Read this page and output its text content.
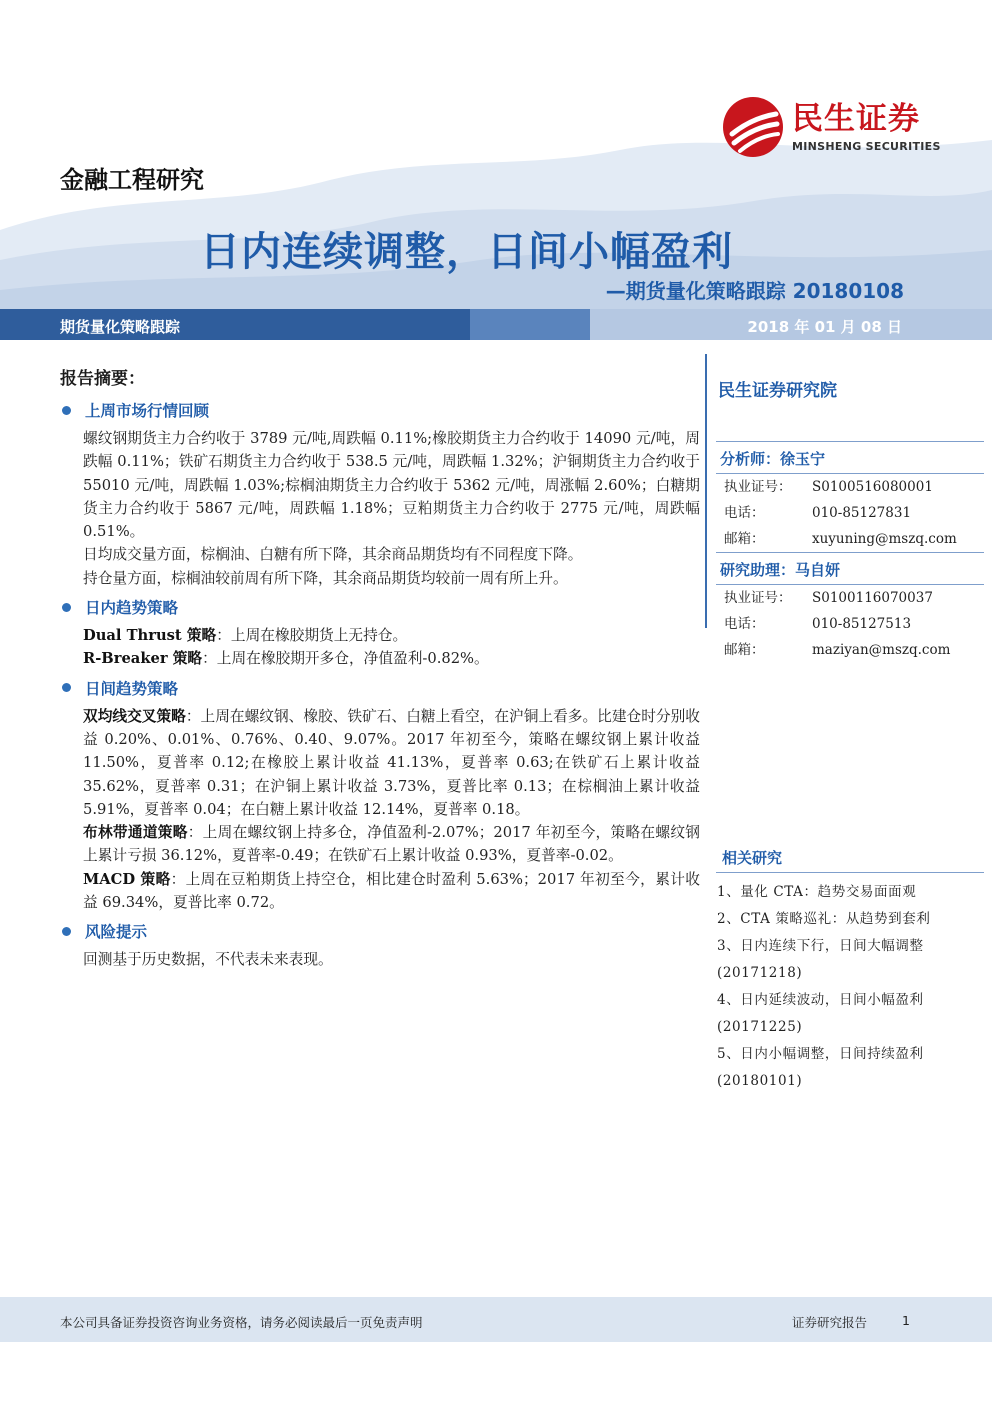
民生证券
MINSHENG SECURITIES
金融工程研究
日内连续调整，日间小幅盈利
—期货量化策略跟踪 20180108
期货量化策略跟踪	2018 年 01 月 08 日
报告摘要：
上周市场行情回顾
螺纹钢期货主力合约收于 3789 元/吨,周跌幅 0.11%;橡胶期货主力合约收于 14090 元/吨，周跌幅 0.11%；铁矿石期货主力合约收于 538.5 元/吨，周跌幅 1.32%；沪铜期货主力合约收于 55010 元/吨，周跌幅 1.03%;棕榈油期货主力合约收于 5362 元/吨，周涨幅 2.60%；白糖期货主力合约收于 5867 元/吨，周跌幅 1.18%；豆粕期货主力合约收于 2775 元/吨，周跌幅 0.51%。
日均成交量方面，棕榈油、白糖有所下降，其余商品期货均有不同程度下降。
持仓量方面，棕榈油较前周有所下降，其余商品期货均较前一周有所上升。
日内趋势策略
Dual Thrust 策略：上周在橡胶期货上无持仓。
R-Breaker 策略：上周在橡胶期开多仓，净值盈利-0.82%。
日间趋势策略
双均线交叉策略：上周在螺纹钢、橡胶、铁矿石、白糖上看空，在沪铜上看多。比建仓时分别收益 0.20%、0.01%、0.76%、0.40、9.07%。2017 年初至今，策略在螺纹钢上累计收益 11.50%，夏普率 0.12;在橡胶上累计收益 41.13%，夏普率 0.63;在铁矿石上累计收益 35.62%，夏普率 0.31；在沪铜上累计收益 3.73%，夏普比率 0.13；在棕榈油上累计收益 5.91%，夏普率 0.04；在白糖上累计收益 12.14%，夏普率 0.18。
布林带通道策略：上周在螺纹钢上持多仓，净值盈利-2.07%；2017 年初至今，策略在螺纹钢上累计亏损 36.12%，夏普率-0.49；在铁矿石上累计收益 0.93%，夏普率-0.02。
MACD 策略：上周在豆粕期货上持空仓，相比建仓时盈利 5.63%；2017 年初至今，累计收益 69.34%，夏普比率 0.72。
风险提示
回测基于历史数据，不代表未来表现。
民生证券研究院
分析师：徐玉宁
执业证号：	S0100516080001
电话：	010-85127831
邮箱：	xuyuning@mszq.com
研究助理：马自妍
执业证号：	S0100116070037
电话：	010-85127513
邮箱：	maziyan@mszq.com
相关研究
1、量化 CTA：趋势交易面面观
2、CTA 策略巡礼：从趋势到套利
3、日内连续下行，日间大幅调整
(20171218)
4、日内延续波动，日间小幅盈利
(20171225)
5、日内小幅调整，日间持续盈利
(20180101)
本公司具备证券投资咨询业务资格，请务必阅读最后一页免责声明	证券研究报告	1
